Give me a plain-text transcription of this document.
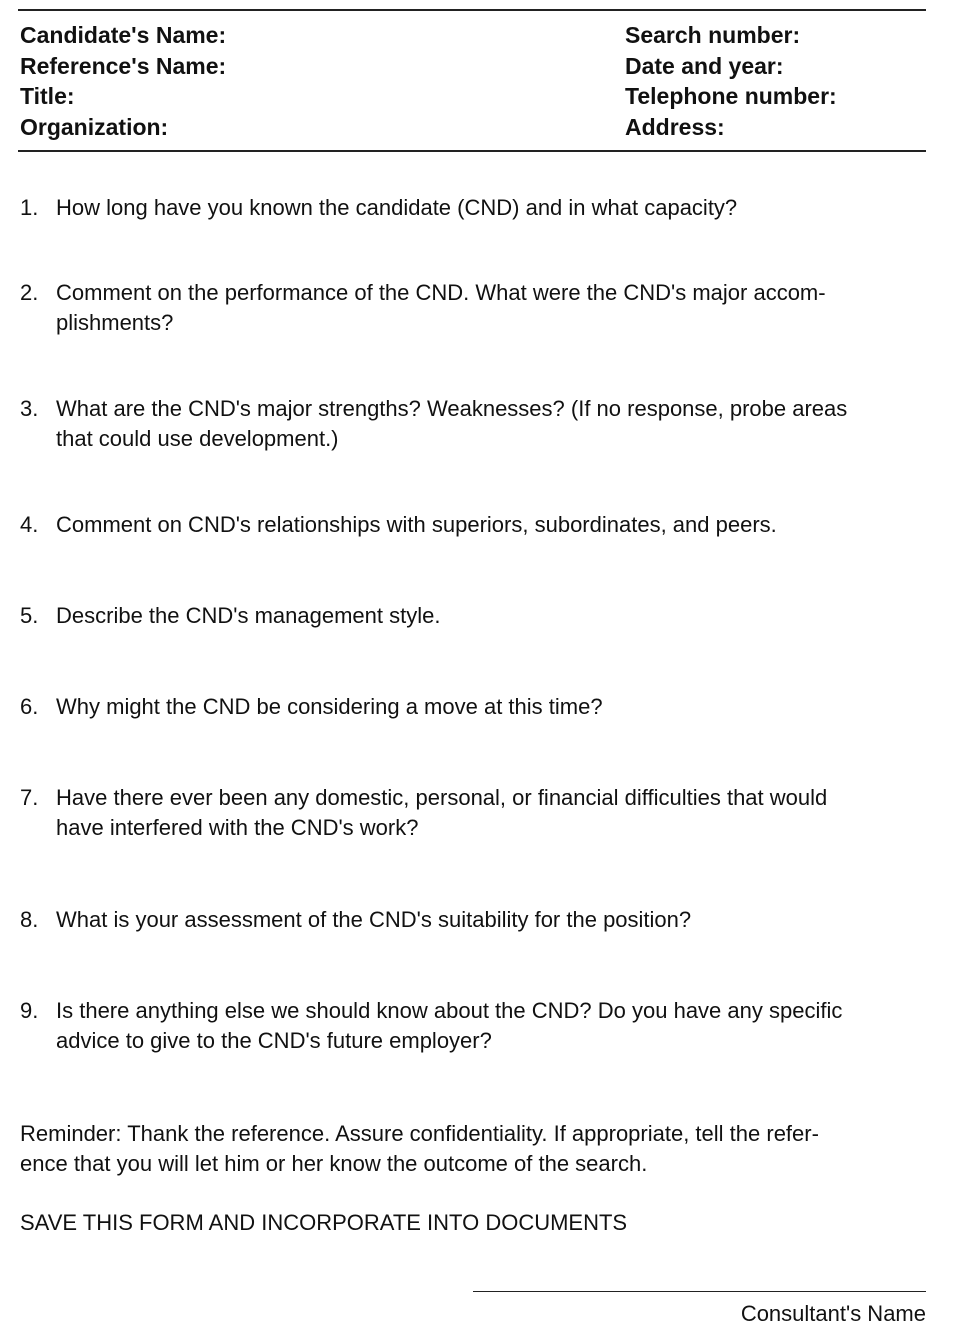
Candidate's Name:
Reference's Name:
Title:
Organization:
Search number:
Date and year:
Telephone number:
Address:
1. How long have you known the candidate (CND) and in what capacity?
2. Comment on the performance of the CND. What were the CND's major accom-
plishments?
3. What are the CND's major strengths? Weaknesses? (If no response, probe areas
that could use development.)
4. Comment on CND's relationships with superiors, subordinates, and peers.
5. Describe the CND's management style.
6. Why might the CND be considering a move at this time?
7. Have there ever been any domestic, personal, or financial difficulties that would
have interfered with the CND's work?
8. What is your assessment of the CND's suitability for the position?
9. Is there anything else we should know about the CND? Do you have any specific
advice to give to the CND's future employer?
Reminder: Thank the reference. Assure confidentiality. If appropriate, tell the refer-
ence that you will let him or her know the outcome of the search.
SAVE THIS FORM AND INCORPORATE INTO DOCUMENTS
Consultant's Name
